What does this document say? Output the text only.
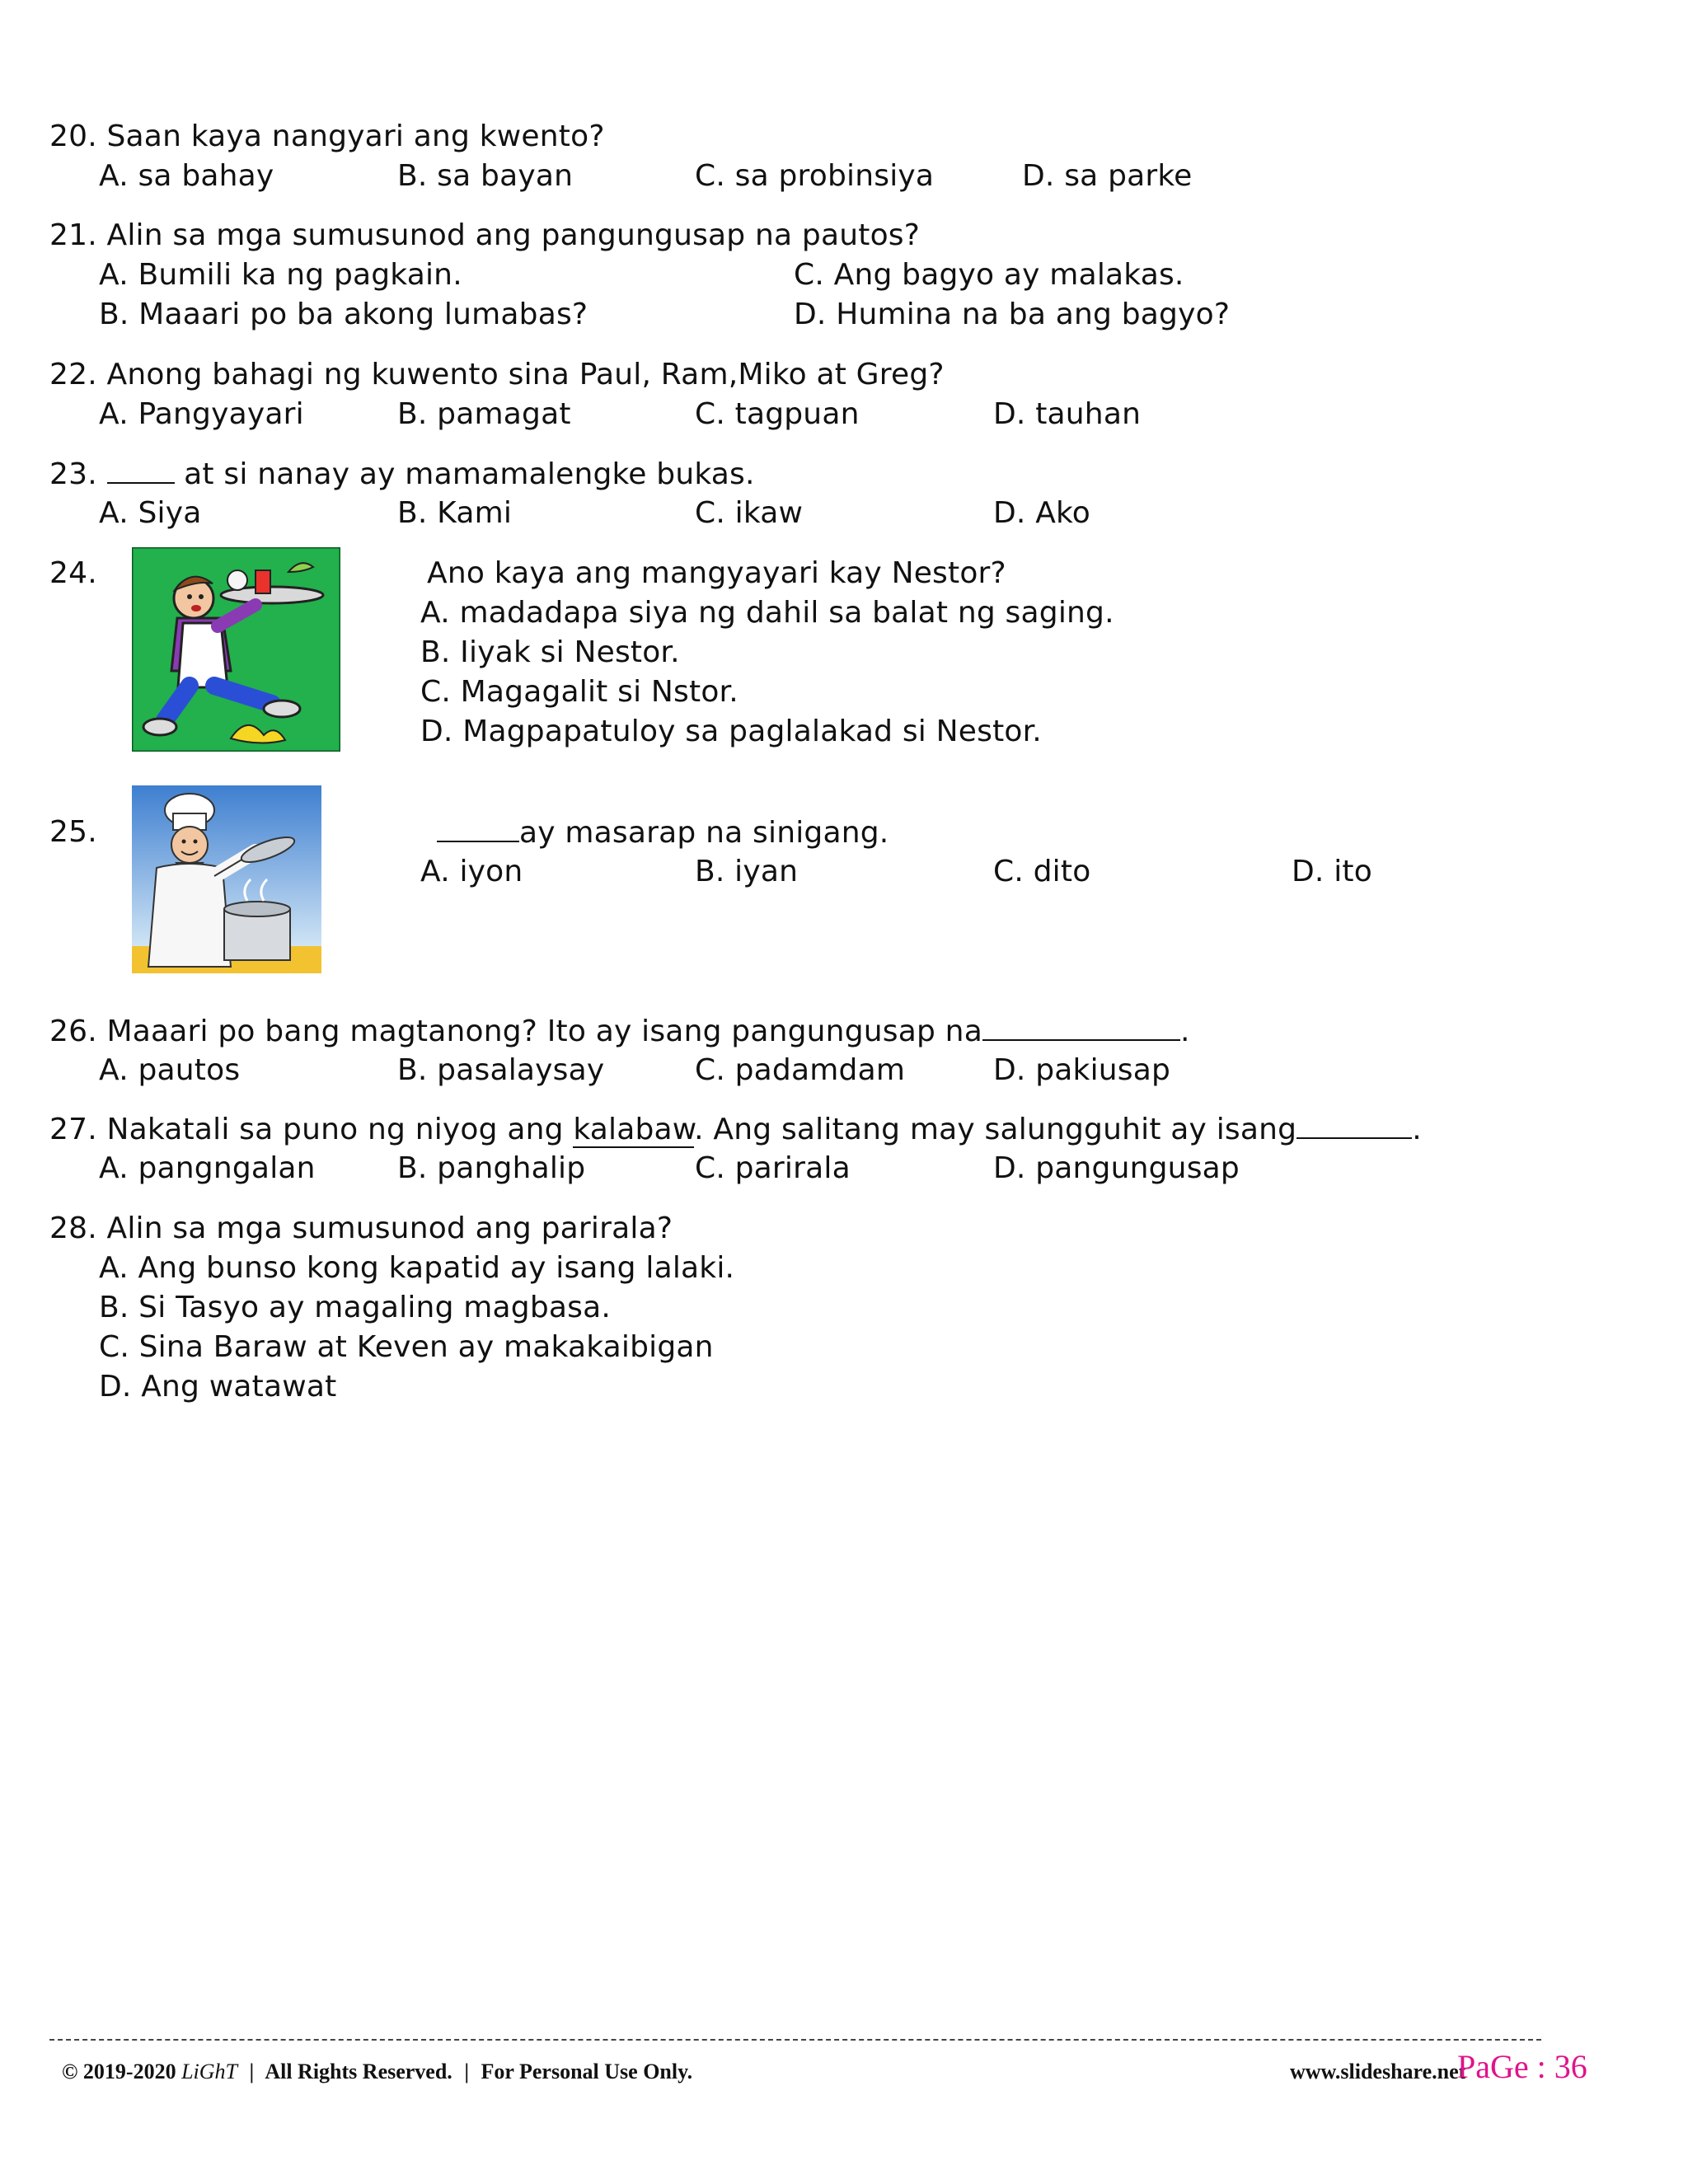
20. Saan kaya nangyari ang kwento?
A. sa bahay	B. sa bayan	C. sa probinsiya	D. sa parke
21. Alin sa mga sumusunod ang pangungusap na pautos?
A. Bumili ka ng pagkain.	C. Ang bagyo ay malakas.
B. Maaari po ba akong lumabas?	D. Humina na ba ang bagyo?
22. Anong bahagi ng kuwento sina Paul, Ram,Miko at Greg?
A. Pangyayari	B. pamagat	C. tagpuan	D. tauhan
23.	at si nanay ay mamamalengke bukas.
A. Siya	B. Kami	C. ikaw	D. Ako
24.	Ano kaya ang mangyayari kay Nestor?
A. madadapa siya ng dahil sa balat ng saging.
B. Iiyak si Nestor.
C. Magagalit si Nstor.
D. Magpapatuloy sa paglalakad si Nestor.
25.	ay masarap na sinigang.
A. iyon	B. iyan	C. dito	D. ito
26. Maaari po bang magtanong? Ito ay isang pangungusap na	.
A. pautos	B. pasalaysay	C. padamdam	D. pakiusap
27. Nakatali sa puno ng niyog ang kalabaw. Ang salitang may salungguhit ay isang	.
A. pangngalan	B. panghalip	C. parirala	D. pangungusap
28. Alin sa mga sumusunod ang parirala?
A. Ang bunso kong kapatid ay isang lalaki.
B. Si Tasyo ay magaling magbasa.
C. Sina Baraw at Keven ay makakaibigan
D. Ang watawat
© 2019-2020 LiGhT | All Rights Reserved. | For Personal Use Only.	www.slideshare.net
PaGe : 36
